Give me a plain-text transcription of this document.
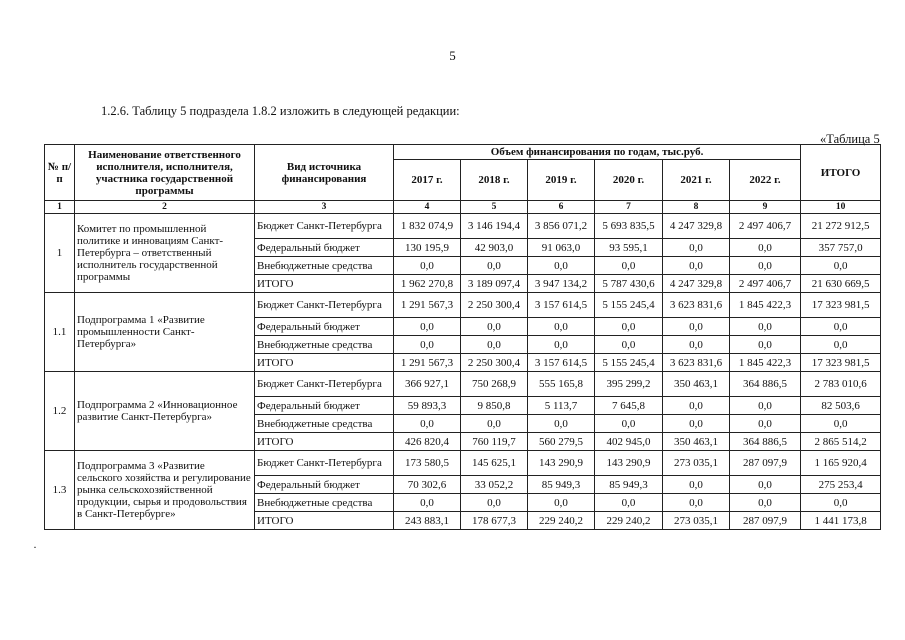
5
1.2.6. Таблицу 5 подраздела 1.8.2 изложить в следующей редакции:
«Таблица 5
·
№ п/п	Наименование ответственного исполнителя, исполнителя, участника государственной программы	Вид источника финансирования	Объем финансирования по годам, тыс.руб.						ИТОГО
			2017 г.	2018 г.	2019 г.	2020 г.	2021 г.	2022 г.	
1	2	3	4	5	6	7	8	9	10
1	Комитет по промышленной политике и инновациям Санкт-Петербурга – ответственный исполнитель государственной программы	Бюджет Санкт-Петербурга	1 832 074,9	3 146 194,4	3 856 071,2	5 693 835,5	4 247 329,8	2 497 406,7	21 272 912,5
		Федеральный бюджет	130 195,9	42 903,0	91 063,0	93 595,1	0,0	0,0	357 757,0
		Внебюджетные средства	0,0	0,0	0,0	0,0	0,0	0,0	0,0
		ИТОГО	1 962 270,8	3 189 097,4	3 947 134,2	5 787 430,6	4 247 329,8	2 497 406,7	21 630 669,5
1.1	Подпрограмма 1 «Развитие промышленности Санкт-Петербурга»	Бюджет Санкт-Петербурга	1 291 567,3	2 250 300,4	3 157 614,5	5 155 245,4	3 623 831,6	1 845 422,3	17 323 981,5
		Федеральный бюджет	0,0	0,0	0,0	0,0	0,0	0,0	0,0
		Внебюджетные средства	0,0	0,0	0,0	0,0	0,0	0,0	0,0
		ИТОГО	1 291 567,3	2 250 300,4	3 157 614,5	5 155 245,4	3 623 831,6	1 845 422,3	17 323 981,5
1.2	Подпрограмма 2 «Инновационное развитие Санкт-Петербурга»	Бюджет Санкт-Петербурга	366 927,1	750 268,9	555 165,8	395 299,2	350 463,1	364 886,5	2 783 010,6
		Федеральный бюджет	59 893,3	9 850,8	5 113,7	7 645,8	0,0	0,0	82 503,6
		Внебюджетные средства	0,0	0,0	0,0	0,0	0,0	0,0	0,0
		ИТОГО	426 820,4	760 119,7	560 279,5	402 945,0	350 463,1	364 886,5	2 865 514,2
1.3	Подпрограмма 3 «Развитие сельского хозяйства и регулирование рынка сельскохозяйственной продукции, сырья и продовольствия в Санкт-Петербурге»	Бюджет Санкт-Петербурга	173 580,5	145 625,1	143 290,9	143 290,9	273 035,1	287 097,9	1 165 920,4
		Федеральный бюджет	70 302,6	33 052,2	85 949,3	85 949,3	0,0	0,0	275 253,4
		Внебюджетные средства	0,0	0,0	0,0	0,0	0,0	0,0	0,0
		ИТОГО	243 883,1	178 677,3	229 240,2	229 240,2	273 035,1	287 097,9	1 441 173,8
